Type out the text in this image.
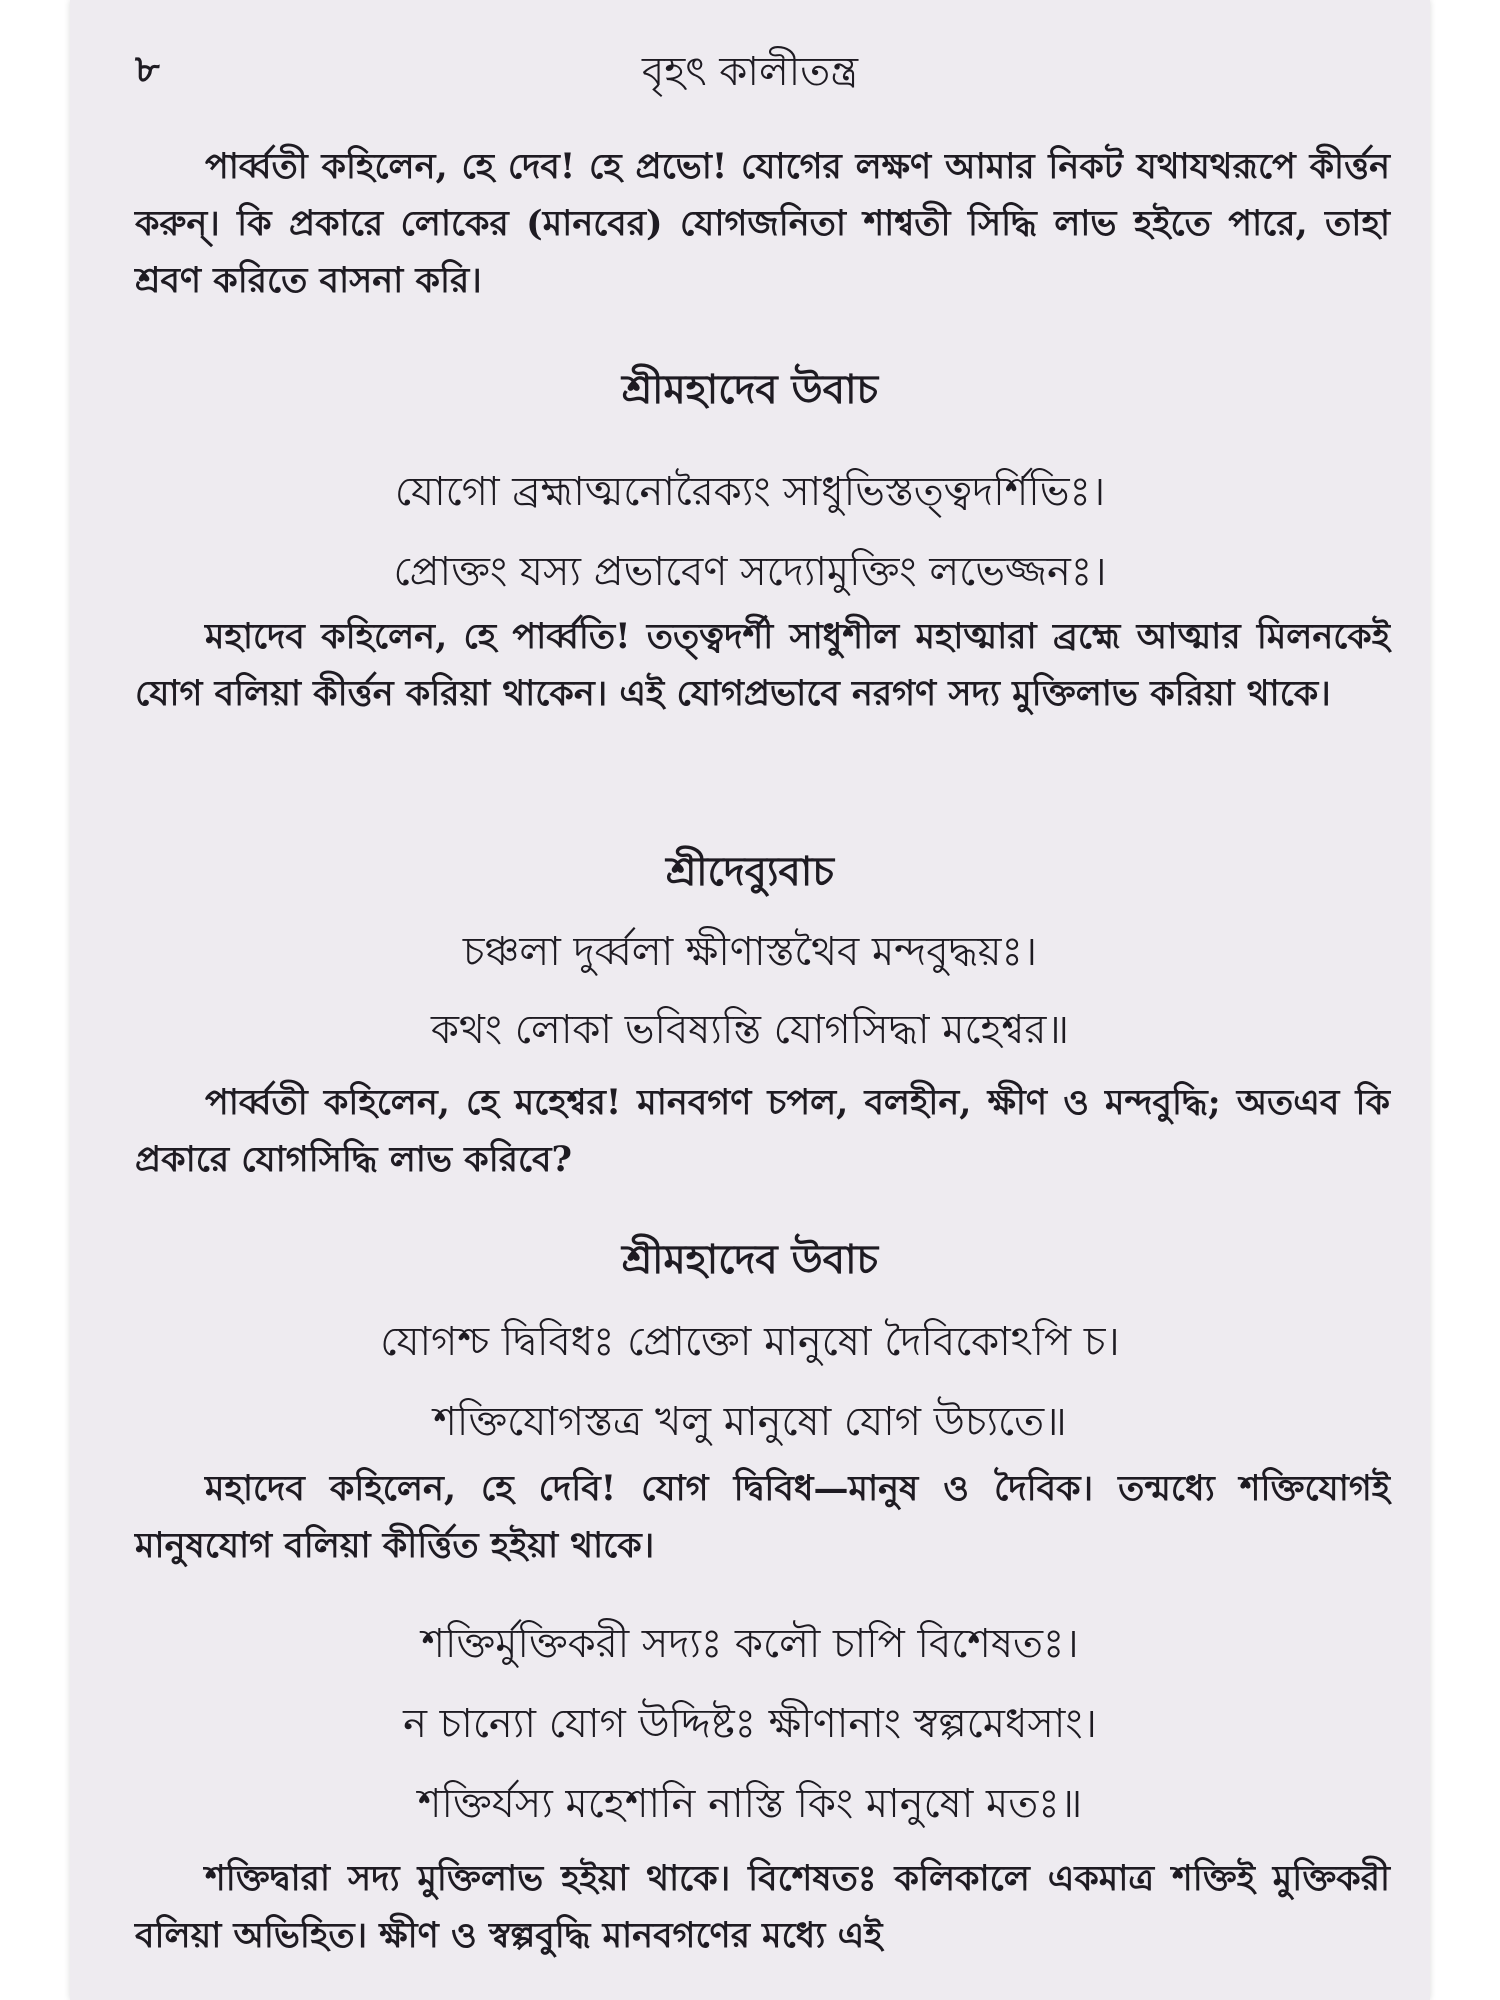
৮	বৃহৎ কালীতন্ত্র

পার্ব্বতী কহিলেন, হে দেব! হে প্রভো! যোগের লক্ষণ আমার নিকট যথাযথরূপে কীর্ত্তন করুন্। কি প্রকারে লোকের (মানবের) যোগজনিতা শাশ্বতী সিদ্ধি লাভ হইতে পারে, তাহা শ্রবণ করিতে বাসনা করি।

শ্রীমহাদেব উবাচ
যোগো ব্রহ্মাত্মনোরৈক্যং সাধুভিস্তত্ত্বদর্শিভিঃ।
প্রোক্তং যস্য প্রভাবেণ সদ্যোমুক্তিং লভেজ্জনঃ।

মহাদেব কহিলেন, হে পার্ব্বতি! তত্ত্বদর্শী সাধুশীল মহাত্মারা ব্রহ্মে আত্মার মিলনকেই যোগ বলিয়া কীর্ত্তন করিয়া থাকেন। এই যোগপ্রভাবে নরগণ সদ্য মুক্তিলাভ করিয়া থাকে।

শ্রীদেব্যুবাচ
চঞ্চলা দুর্ব্বলা ক্ষীণাস্তথৈব মন্দবুদ্ধয়ঃ।
কথং লোকা ভবিষ্যন্তি যোগসিদ্ধা মহেশ্বর॥

পার্ব্বতী কহিলেন, হে মহেশ্বর! মানবগণ চপল, বলহীন, ক্ষীণ ও মন্দবুদ্ধি; অতএব কি প্রকারে যোগসিদ্ধি লাভ করিবে?

শ্রীমহাদেব উবাচ
যোগশ্চ দ্বিবিধঃ প্রোক্তো মানুষো দৈবিকোঽপি চ।
শক্তিযোগস্তত্র খলু মানুষো যোগ উচ্যতে॥

মহাদেব কহিলেন, হে দেবি! যোগ দ্বিবিধ—মানুষ ও দৈবিক। তন্মধ্যে শক্তিযোগই মানুষযোগ বলিয়া কীর্ত্তিত হইয়া থাকে।

শক্তির্মুক্তিকরী সদ্যঃ কলৌ চাপি বিশেষতঃ।
ন চান্যো যোগ উদ্দিষ্টঃ ক্ষীণানাং স্বল্পমেধসাং।
শক্তির্যস্য মহেশানি নাস্তি কিং মানুষো মতঃ॥

শক্তিদ্বারা সদ্য মুক্তিলাভ হইয়া থাকে। বিশেষতঃ কলিকালে একমাত্র শক্তিই মুক্তিকরী বলিয়া অভিহিত। ক্ষীণ ও স্বল্পবুদ্ধি মানবগণের মধ্যে এই
